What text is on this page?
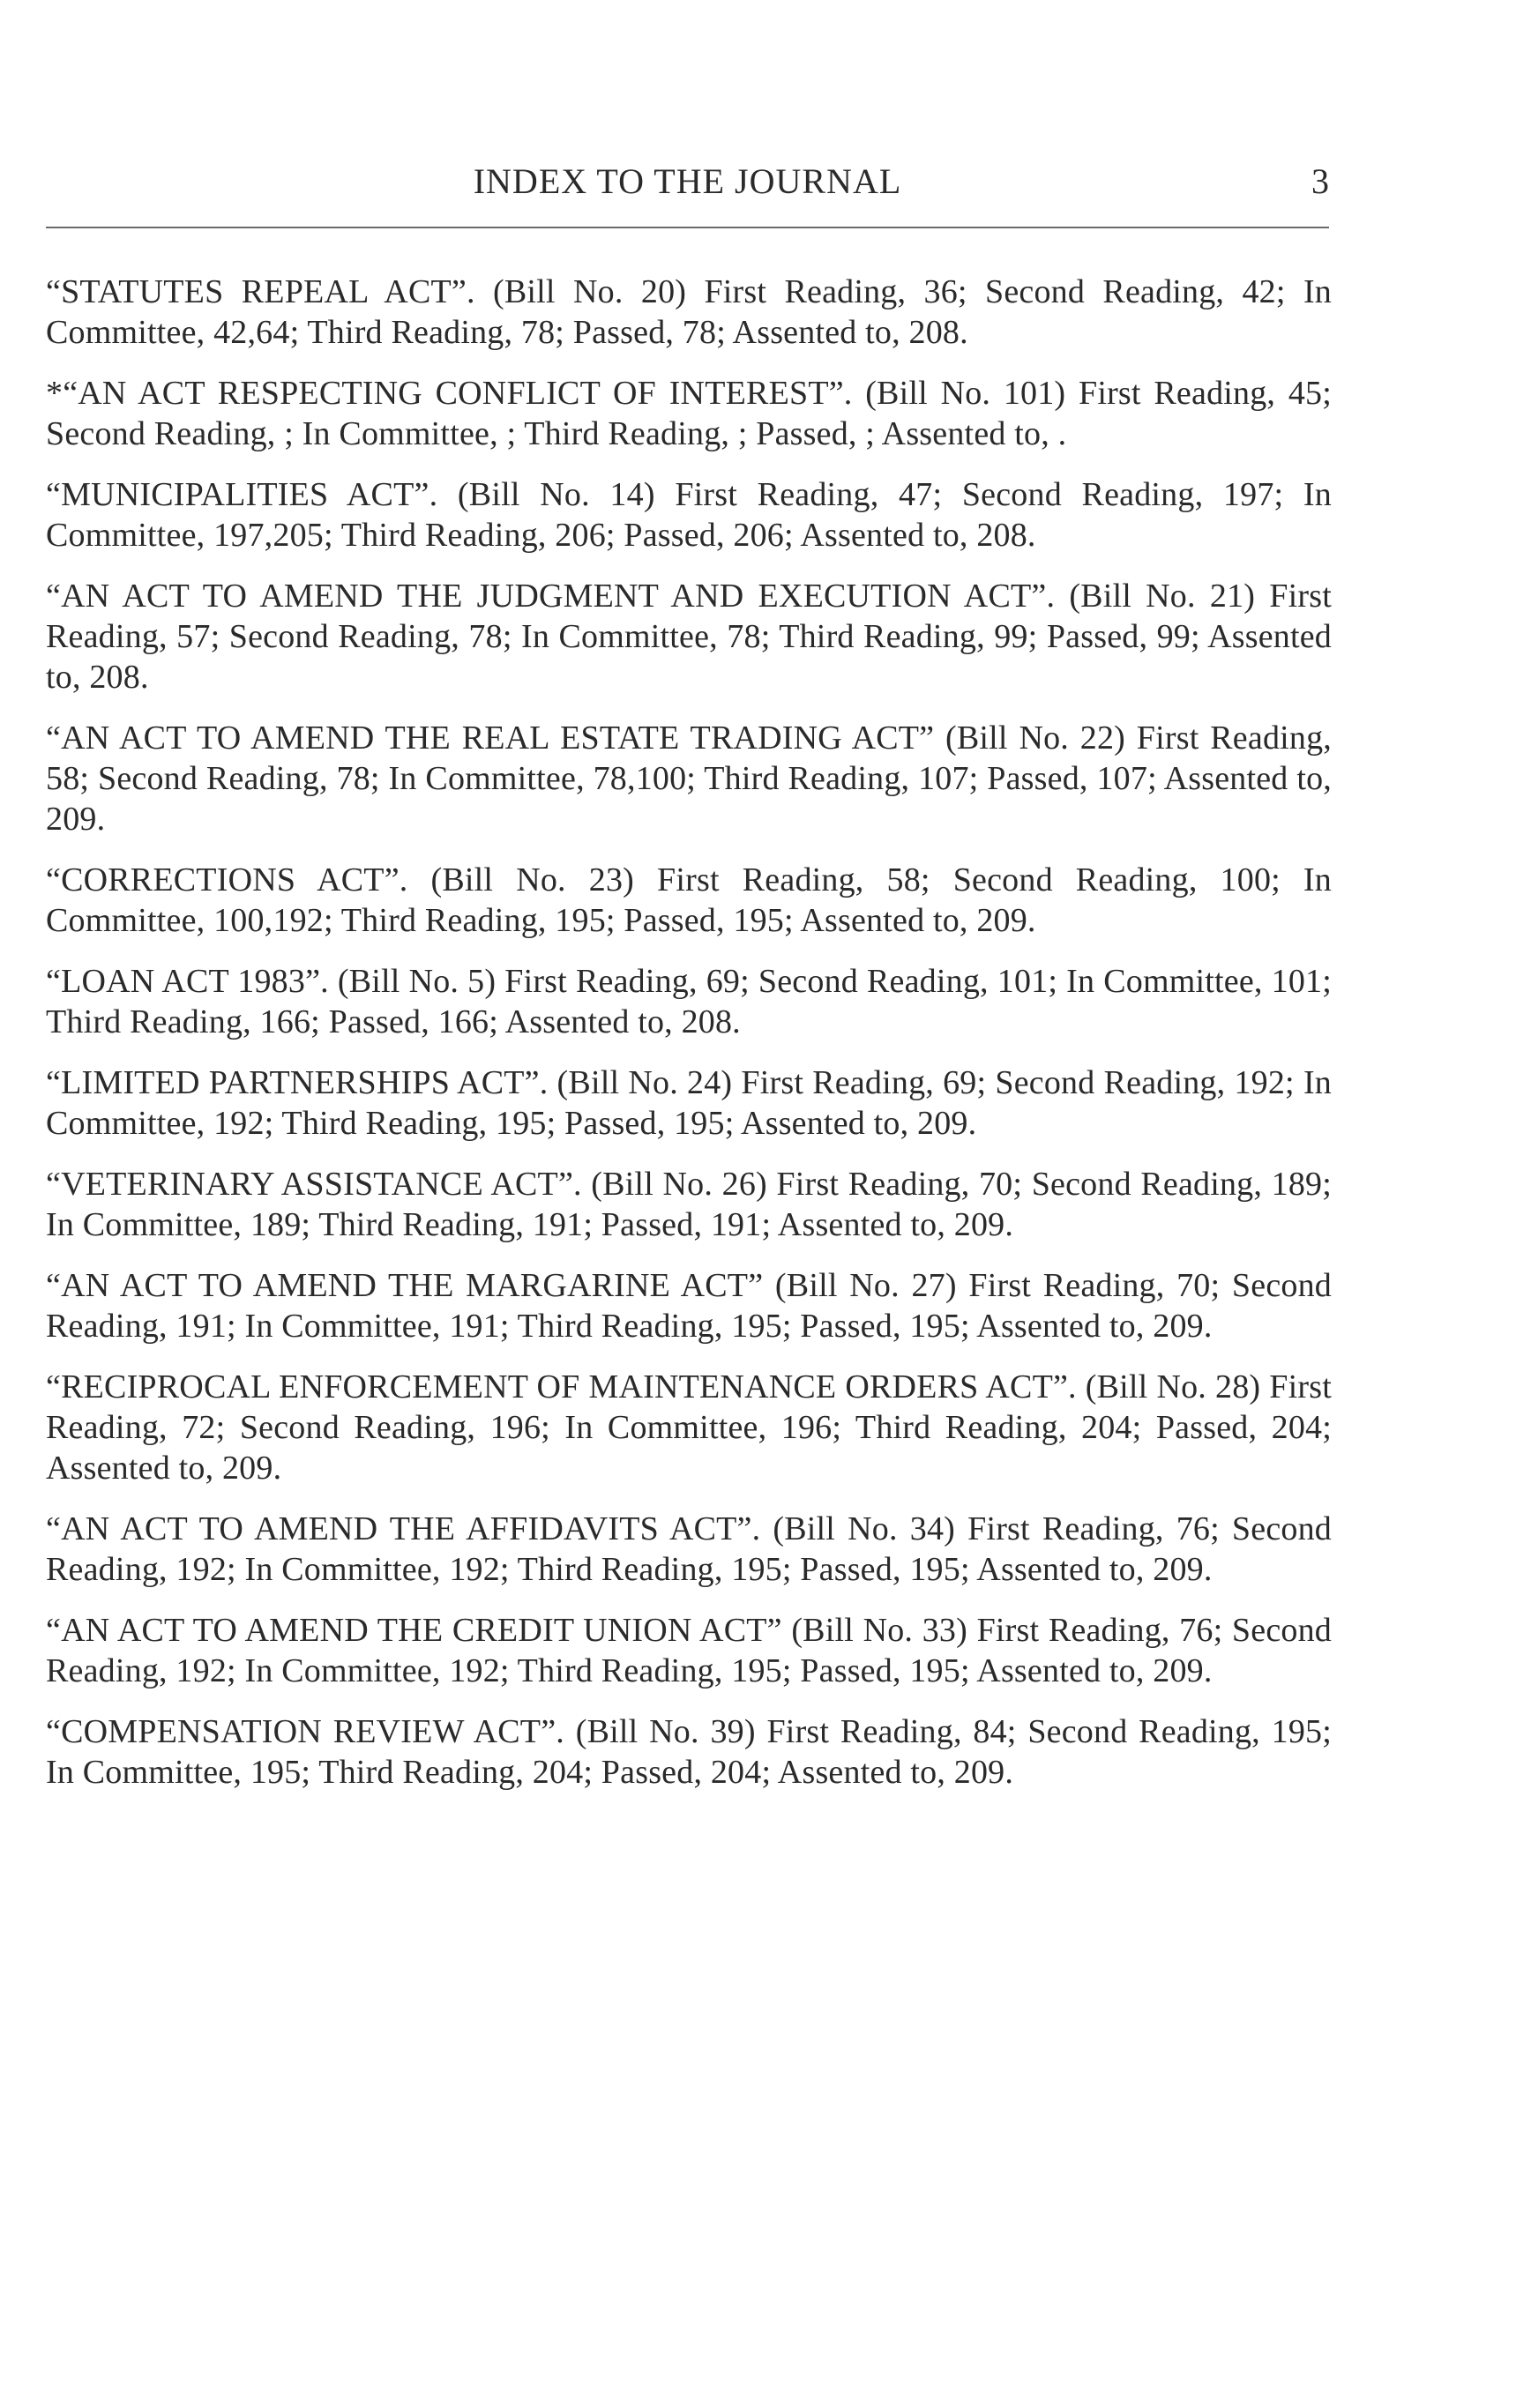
INDEX TO THE JOURNAL	3

“STATUTES REPEAL ACT”. (Bill No. 20) First Reading, 36; Second Reading, 42; In Committee, 42,64; Third Reading, 78; Passed, 78; Assented to, 208.

*“AN ACT RESPECTING CONFLICT OF INTEREST”. (Bill No. 101) First Reading, 45; Second Reading, ; In Committee, ; Third Reading, ; Passed, ; Assented to, .

“MUNICIPALITIES ACT”. (Bill No. 14) First Reading, 47; Second Reading, 197; In Committee, 197,205; Third Reading, 206; Passed, 206; Assented to, 208.

“AN ACT TO AMEND THE JUDGMENT AND EXECUTION ACT”. (Bill No. 21) First Reading, 57; Second Reading, 78; In Committee, 78; Third Reading, 99; Passed, 99; Assented to, 208.

“AN ACT TO AMEND THE REAL ESTATE TRADING ACT” (Bill No. 22) First Reading, 58; Second Reading, 78; In Committee, 78,100; Third Reading, 107; Passed, 107; Assented to, 209.

“CORRECTIONS ACT”. (Bill No. 23) First Reading, 58; Second Reading, 100; In Committee, 100,192; Third Reading, 195; Passed, 195; Assented to, 209.

“LOAN ACT 1983”. (Bill No. 5) First Reading, 69; Second Reading, 101; In Committee, 101; Third Reading, 166; Passed, 166; Assented to, 208.

“LIMITED PARTNERSHIPS ACT”. (Bill No. 24) First Reading, 69; Second Reading, 192; In Committee, 192; Third Reading, 195; Passed, 195; Assented to, 209.

“VETERINARY ASSISTANCE ACT”. (Bill No. 26) First Reading, 70; Second Reading, 189; In Committee, 189; Third Reading, 191; Passed, 191; Assented to, 209.

“AN ACT TO AMEND THE MARGARINE ACT” (Bill No. 27) First Reading, 70; Second Reading, 191; In Committee, 191; Third Reading, 195; Passed, 195; Assented to, 209.

“RECIPROCAL ENFORCEMENT OF MAINTENANCE ORDERS ACT”. (Bill No. 28) First Reading, 72; Second Reading, 196; In Committee, 196; Third Reading, 204; Passed, 204; Assented to, 209.

“AN ACT TO AMEND THE AFFIDAVITS ACT”. (Bill No. 34) First Reading, 76; Second Reading, 192; In Committee, 192; Third Reading, 195; Passed, 195; Assented to, 209.

“AN ACT TO AMEND THE CREDIT UNION ACT” (Bill No. 33) First Reading, 76; Second Reading, 192; In Committee, 192; Third Reading, 195; Passed, 195; Assented to, 209.

“COMPENSATION REVIEW ACT”. (Bill No. 39) First Reading, 84; Second Reading, 195; In Committee, 195; Third Reading, 204; Passed, 204; Assented to, 209.
